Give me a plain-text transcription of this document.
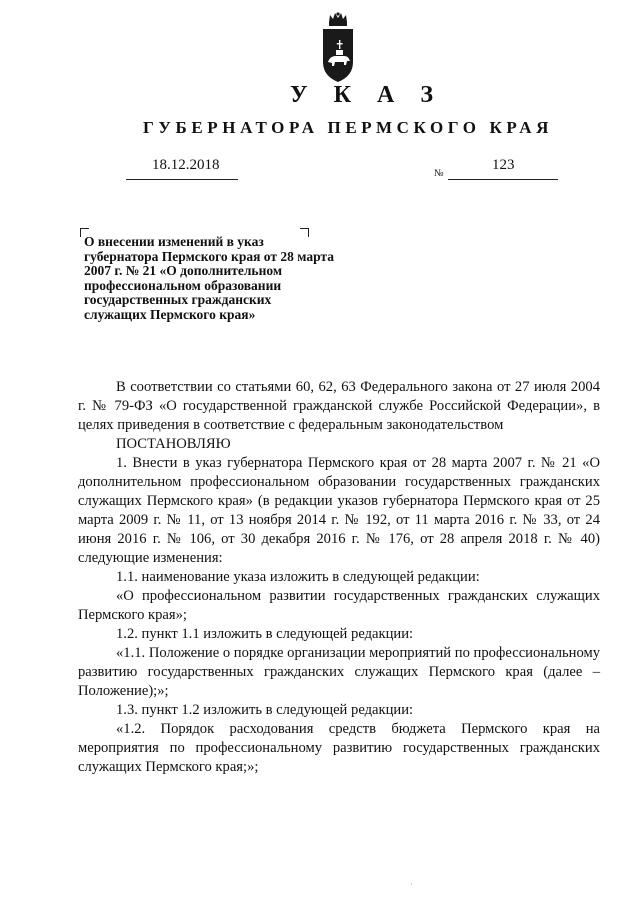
У К А З
ГУБЕРНАТОРА ПЕРМСКОГО КРАЯ
18.12.2018
№
123
О внесении изменений в указ
губернатора Пермского края от 28 марта
2007 г. № 21 «О дополнительном
профессиональном образовании
государственных гражданских
служащих Пермского края»

В соответствии со статьями 60, 62, 63 Федерального закона от 27 июля 2004 г. № 79-ФЗ «О государственной гражданской службе Российской Федерации», в целях приведения в соответствие с федеральным законодательством

ПОСТАНОВЛЯЮ

1. Внести в указ губернатора Пермского края от 28 марта 2007 г. № 21 «О дополнительном профессиональном образовании государственных гражданских служащих Пермского края» (в редакции указов губернатора Пермского края от 25 марта 2009 г. № 11, от 13 ноября 2014 г. № 192, от 11 марта 2016 г. № 33, от 24 июня 2016 г. № 106, от 30 декабря 2016 г. № 176, от 28 апреля 2018 г. № 40) следующие изменения:

1.1. наименование указа изложить в следующей редакции:

«О профессиональном развитии государственных гражданских служащих Пермского края»;

1.2. пункт 1.1 изложить в следующей редакции:

«1.1. Положение о порядке организации мероприятий по профессиональному развитию государственных гражданских служащих Пермского края (далее – Положение);»;

1.3. пункт 1.2 изложить в следующей редакции:

«1.2. Порядок расходования средств бюджета Пермского края на мероприятия по профессиональному развитию государственных гражданских служащих Пермского края;»;

·
